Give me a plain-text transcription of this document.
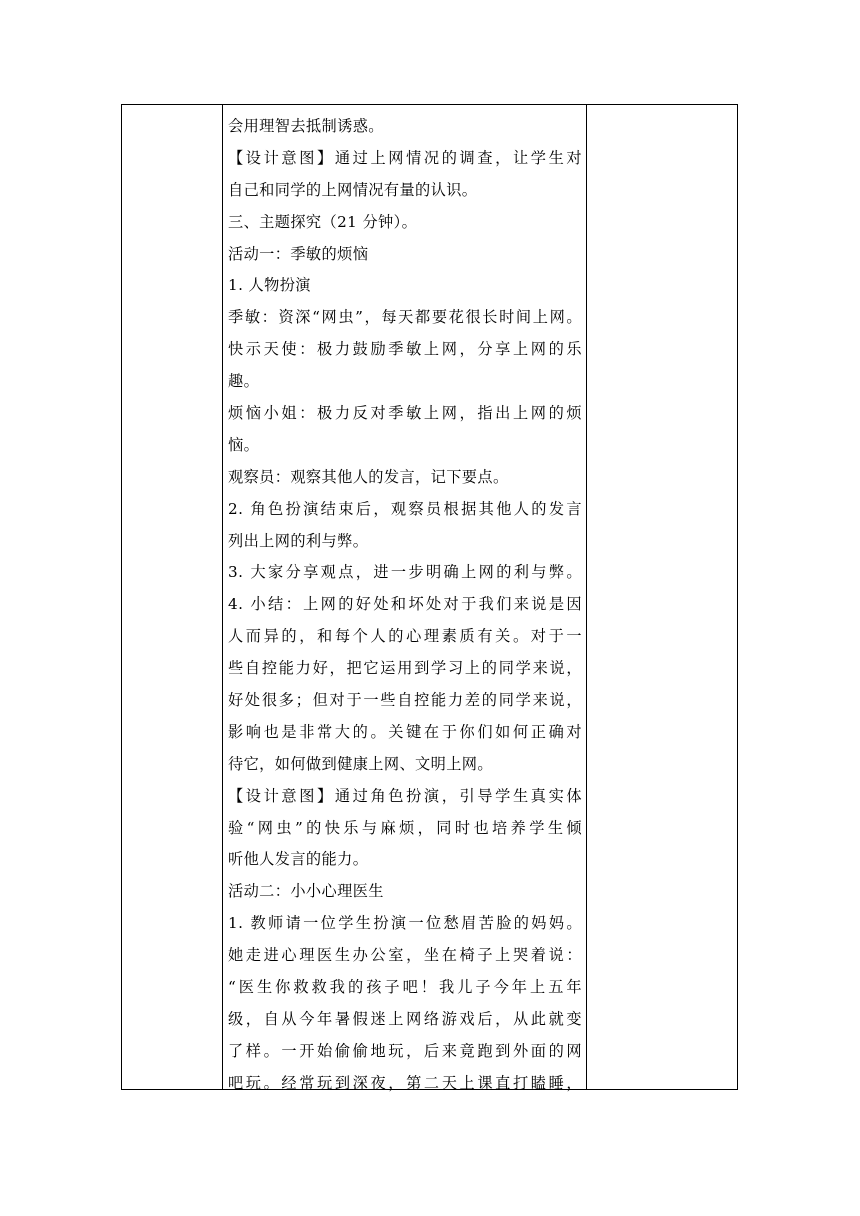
会用理智去抵制诱惑。
【设计意图】通过上网情况的调查，让学生对
自己和同学的上网情况有量的认识。
三、主题探究（21 分钟）。
活动一：季敏的烦恼
1. 人物扮演
季敏：资深“网虫”，每天都要花很长时间上网。
快示天使：极力鼓励季敏上网，分享上网的乐
趣。
烦恼小姐：极力反对季敏上网，指出上网的烦
恼。
观察员：观察其他人的发言，记下要点。
2. 角色扮演结束后，观察员根据其他人的发言
列出上网的利与弊。
3. 大家分享观点，进一步明确上网的利与弊。
4. 小结：上网的好处和坏处对于我们来说是因
人而异的，和每个人的心理素质有关。对于一
些自控能力好，把它运用到学习上的同学来说，
好处很多；但对于一些自控能力差的同学来说，
影响也是非常大的。关键在于你们如何正确对
待它，如何做到健康上网、文明上网。
【设计意图】通过角色扮演，引导学生真实体
验“网虫”的快乐与麻烦，同时也培养学生倾
听他人发言的能力。
活动二：小小心理医生
1. 教师请一位学生扮演一位愁眉苦脸的妈妈。
她走进心理医生办公室，坐在椅子上哭着说：
“医生你救救我的孩子吧！我儿子今年上五年
级，自从今年暑假迷上网络游戏后，从此就变
了样。一开始偷偷地玩，后来竟跑到外面的网
吧玩。经常玩到深夜，第二天上课直打瞌睡，
